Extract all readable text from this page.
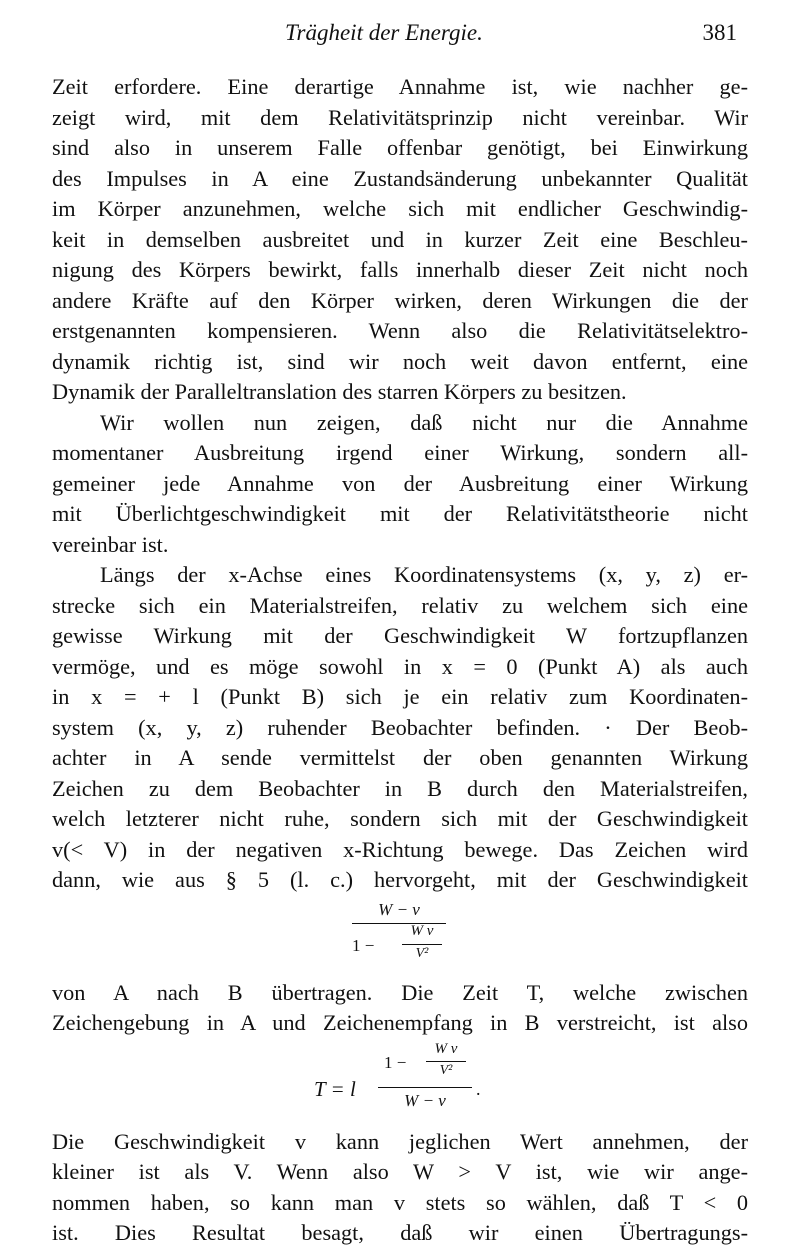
Trägheit der Energie.	381
Zeit erfordere. Eine derartige Annahme ist, wie nachher ge-
zeigt wird, mit dem Relativitätsprinzip nicht vereinbar. Wir
sind also in unserem Falle offenbar genötigt, bei Einwirkung
des Impulses in A eine Zustandsänderung unbekannter Qualität
im Körper anzunehmen, welche sich mit endlicher Geschwindig-
keit in demselben ausbreitet und in kurzer Zeit eine Beschleu-
nigung des Körpers bewirkt, falls innerhalb dieser Zeit nicht noch
andere Kräfte auf den Körper wirken, deren Wirkungen die der
erstgenannten kompensieren. Wenn also die Relativitätselektro-
dynamik richtig ist, sind wir noch weit davon entfernt, eine
Dynamik der Paralleltranslation des starren Körpers zu besitzen.
Wir wollen nun zeigen, daß nicht nur die Annahme
momentaner Ausbreitung irgend einer Wirkung, sondern all-
gemeiner jede Annahme von der Ausbreitung einer Wirkung
mit Überlichtgeschwindigkeit mit der Relativitätstheorie nicht
vereinbar ist.
Längs der x-Achse eines Koordinatensystems (x, y, z) er-
strecke sich ein Materialstreifen, relativ zu welchem sich eine
gewisse Wirkung mit der Geschwindigkeit W fortzupflanzen
vermöge, und es möge sowohl in x = 0 (Punkt A) als auch
in x = + l (Punkt B) sich je ein relativ zum Koordinaten-
system (x, y, z) ruhender Beobachter befinden. · Der Beob-
achter in A sende vermittelst der oben genannten Wirkung
Zeichen zu dem Beobachter in B durch den Materialstreifen,
welch letzterer nicht ruhe, sondern sich mit der Geschwindigkeit
v(< V) in der negativen x-Richtung bewege. Das Zeichen wird
dann, wie aus § 5 (l. c.) hervorgeht, mit der Geschwindigkeit
W − v
1 −
W v
V²
von A nach B übertragen. Die Zeit T, welche zwischen
Zeichengebung in A und Zeichenempfang in B verstreicht, ist also
T = l
1 −
W v
V²
W − v
.
Die Geschwindigkeit v kann jeglichen Wert annehmen, der
kleiner ist als V. Wenn also W > V ist, wie wir ange-
nommen haben, so kann man v stets so wählen, daß T < 0
ist. Dies Resultat besagt, daß wir einen Übertragungs-
